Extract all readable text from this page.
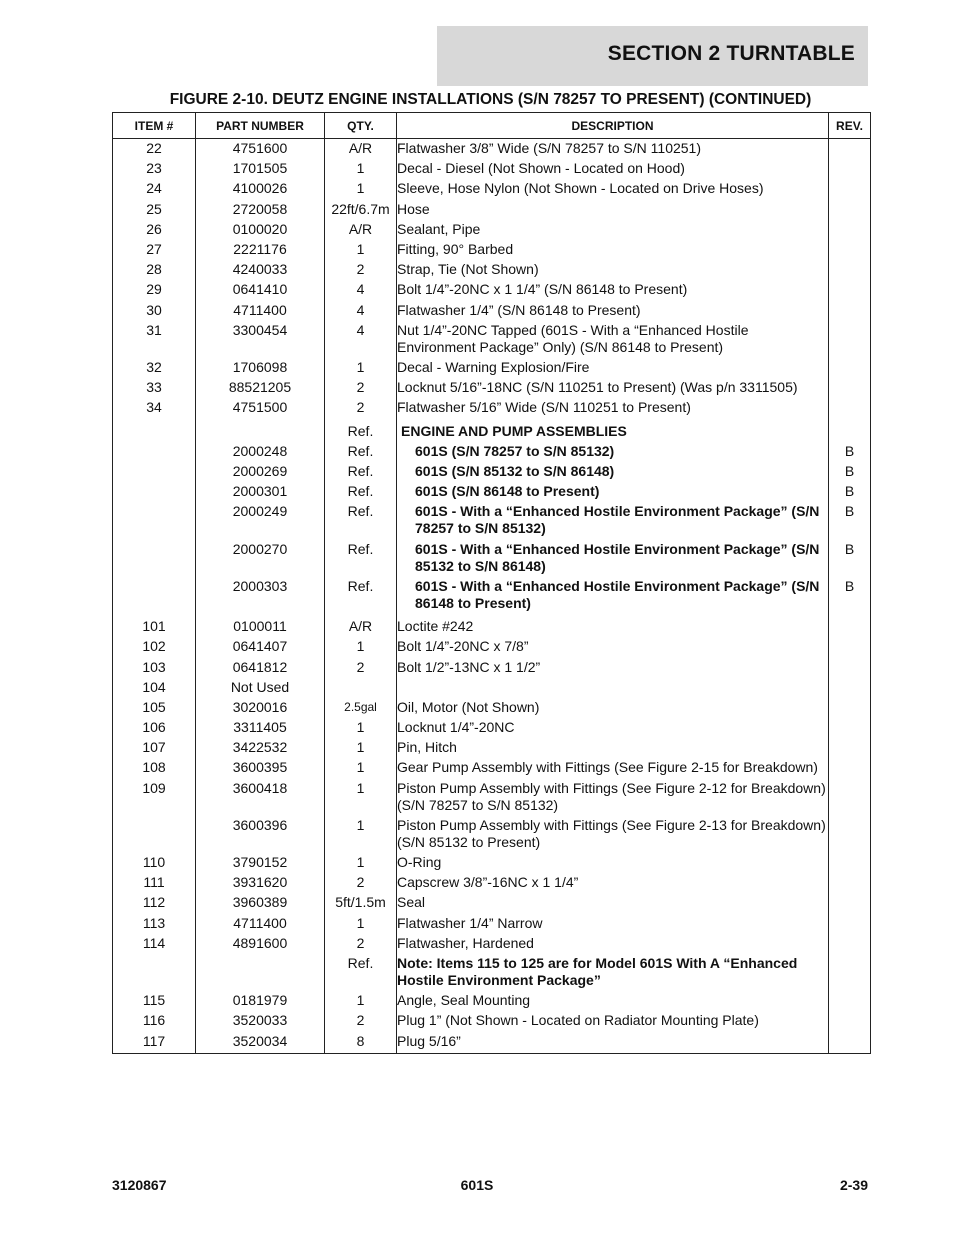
SECTION 2 TURNTABLE
FIGURE 2-10. DEUTZ ENGINE INSTALLATIONS (S/N 78257 TO PRESENT) (CONTINUED)
ITEM #	PART NUMBER	QTY.	DESCRIPTION	REV.
22	4751600	A/R	Flatwasher 3/8” Wide (S/N 78257 to S/N 110251)	
23	1701505	1	Decal - Diesel (Not Shown - Located on Hood)	
24	4100026	1	Sleeve, Hose Nylon (Not Shown - Located on Drive Hoses)	
25	2720058	22ft/6.7m	Hose	
26	0100020	A/R	Sealant, Pipe	
27	2221176	1	Fitting, 90° Barbed	
28	4240033	2	Strap, Tie (Not Shown)	
29	0641410	4	Bolt 1/4”-20NC x 1 1/4” (S/N 86148 to Present)	
30	4711400	4	Flatwasher 1/4” (S/N 86148 to Present)	
31	3300454	4	Nut 1/4”-20NC Tapped (601S - With a “Enhanced Hostile Environment Package” Only) (S/N 86148 to Present)	
32	1706098	1	Decal - Warning Explosion/Fire	
33	88521205	2	Locknut 5/16”-18NC (S/N 110251 to Present) (Was p/n 3311505)	
34	4751500	2	Flatwasher 5/16” Wide (S/N 110251 to Present)	

		Ref.	ENGINE AND PUMP ASSEMBLIES	
	2000248	Ref.	601S (S/N 78257 to S/N 85132)	B
	2000269	Ref.	601S (S/N 85132 to S/N 86148)	B
	2000301	Ref.	601S (S/N 86148 to Present)	B
	2000249	Ref.	601S - With a “Enhanced Hostile Environment Package” (S/N 78257 to S/N 85132)	B
	2000270	Ref.	601S - With a “Enhanced Hostile Environment Package” (S/N 85132 to S/N 86148)	B
	2000303	Ref.	601S - With a “Enhanced Hostile Environment Package” (S/N 86148 to Present)	B

101	0100011	A/R	Loctite #242	
102	0641407	1	Bolt 1/4”-20NC x 7/8”	
103	0641812	2	Bolt 1/2”-13NC x 1 1/2”	
104	Not Used			
105	3020016	2.5gal	Oil, Motor (Not Shown)	
106	3311405	1	Locknut 1/4”-20NC	
107	3422532	1	Pin, Hitch	
108	3600395	1	Gear Pump Assembly with Fittings (See Figure 2-15 for Breakdown)	
109	3600418	1	Piston Pump Assembly with Fittings (See Figure 2-12 for Breakdown) (S/N 78257 to S/N 85132)	
	3600396	1	Piston Pump Assembly with Fittings (See Figure 2-13 for Breakdown) (S/N 85132 to Present)	
110	3790152	1	O-Ring	
111	3931620	2	Capscrew 3/8”-16NC x 1 1/4”	
112	3960389	5ft/1.5m	Seal	
113	4711400	1	Flatwasher 1/4” Narrow	
114	4891600	2	Flatwasher, Hardened	
		Ref.	Note: Items 115 to 125 are for Model 601S With A “Enhanced Hostile Environment Package”	
115	0181979	1	Angle, Seal Mounting	
116	3520033	2	Plug 1” (Not Shown - Located on Radiator Mounting Plate)	
117	3520034	8	Plug 5/16”	
3120867	601S	2-39
